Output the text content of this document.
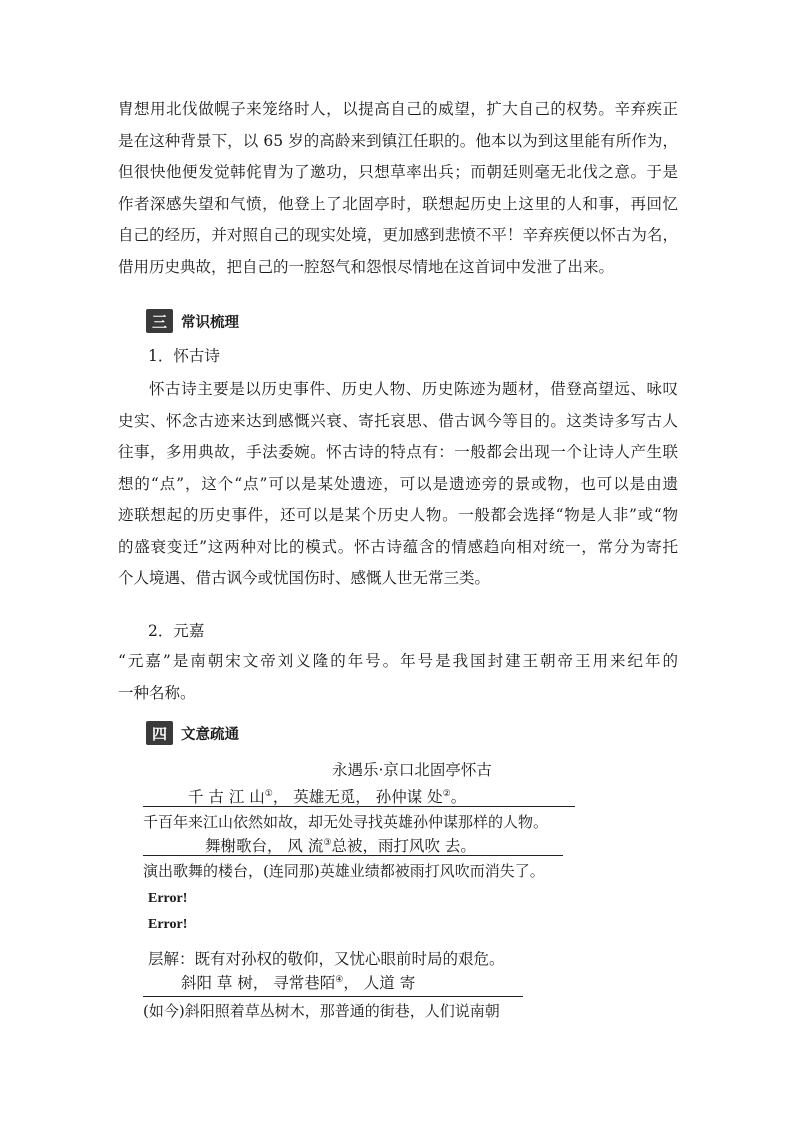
胄想用北伐做幌子来笼络时人，以提高自己的威望，扩大自己的权势。辛弃疾正
是在这种背景下，以 65 岁的高龄来到镇江任职的。他本以为到这里能有所作为，
但很快他便发觉韩侂胄为了邀功，只想草率出兵；而朝廷则毫无北伐之意。于是
作者深感失望和气愤，他登上了北固亭时，联想起历史上这里的人和事，再回忆
自己的经历，并对照自己的现实处境，更加感到悲愤不平！辛弃疾便以怀古为名，
借用历史典故，把自己的一腔怒气和怨恨尽情地在这首词中发泄了出来。
三 常识梳理
1．怀古诗
怀古诗主要是以历史事件、历史人物、历史陈迹为题材，借登高望远、咏叹
史实、怀念古迹来达到感慨兴衰、寄托哀思、借古讽今等目的。这类诗多写古人
往事，多用典故，手法委婉。怀古诗的特点有：一般都会出现一个让诗人产生联
想的“点”，这个“点”可以是某处遗迹，可以是遗迹旁的景或物，也可以是由遗
迹联想起的历史事件，还可以是某个历史人物。一般都会选择“物是人非”或“物
的盛衰变迁”这两种对比的模式。怀古诗蕴含的情感趋向相对统一，常分为寄托
个人境遇、借古讽今或忧国伤时、感慨人世无常三类。
2．元嘉
“元嘉”是南朝宋文帝刘义隆的年号。年号是我国封建王朝帝王用来纪年的
一种名称。
四 文意疏通
永遇乐·京口北固亭怀古
千 古 江 山①， 英雄无觅， 孙仲谋 处②。
千百年来江山依然如故，却无处寻找英雄孙仲谋那样的人物。
舞榭歌台， 风 流③总被，雨打风吹 去。
演出歌舞的楼台，(连同那)英雄业绩都被雨打风吹而消失了。
Error!
Error!
层解：既有对孙权的敬仰，又忧心眼前时局的艰危。
斜阳 草 树， 寻常巷陌④， 人道 寄
(如今)斜阳照着草丛树木，那普通的街巷，人们说南朝
